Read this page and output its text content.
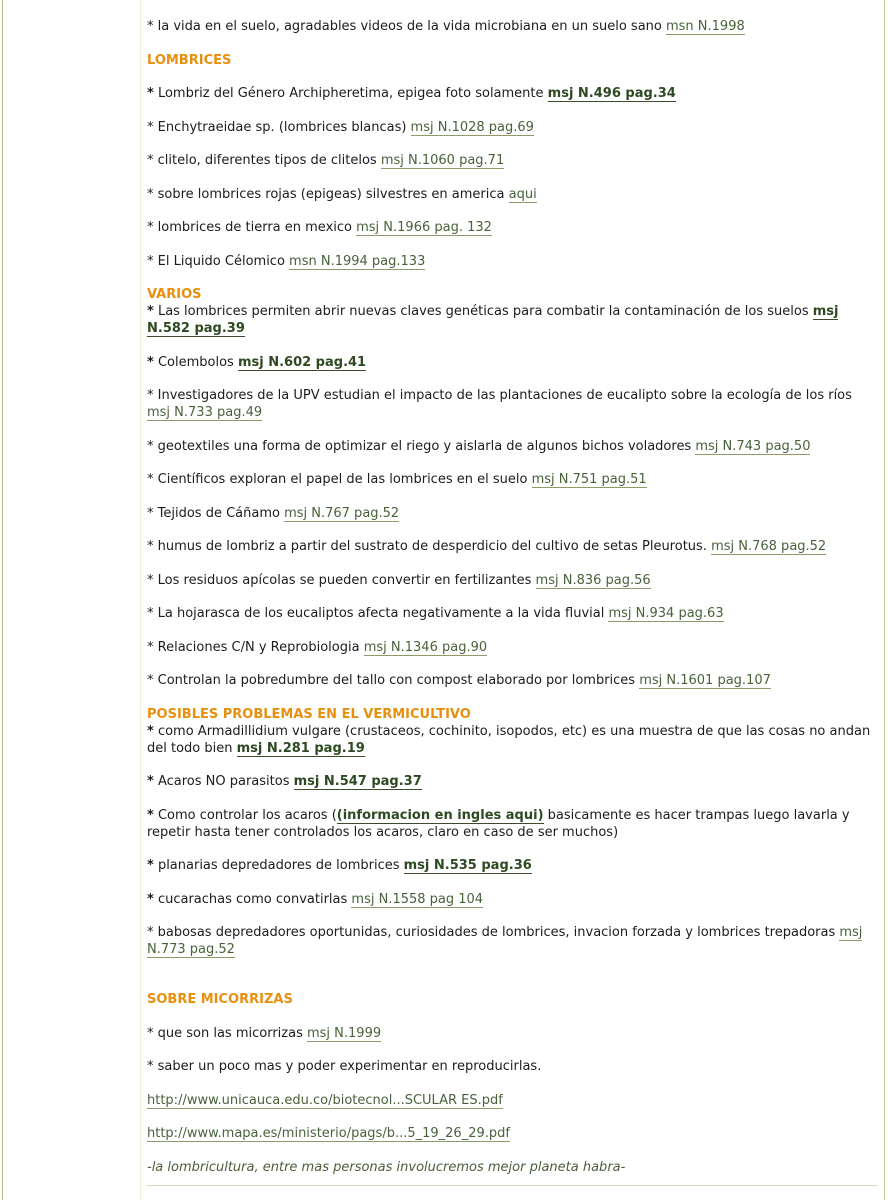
* la vida en el suelo, agradables videos de la vida microbiana en un suelo sano msn N.1998

LOMBRICES

* Lombriz del Género Archipheretima, epigea foto solamente msj N.496 pag.34

* Enchytraeidae sp. (lombrices blancas) msj N.1028 pag.69

* clitelo, diferentes tipos de clitelos msj N.1060 pag.71

* sobre lombrices rojas (epigeas) silvestres en america aqui

* lombrices de tierra en mexico msj N.1966 pag. 132

* El Liquido Célomico msn N.1994 pag.133

VARIOS

* Las lombrices permiten abrir nuevas claves genéticas para combatir la contaminación de los suelos msj N.582 pag.39

* Colembolos msj N.602 pag.41

* Investigadores de la UPV estudian el impacto de las plantaciones de eucalipto sobre la ecología de los ríos msj N.733 pag.49

* geotextiles una forma de optimizar el riego y aislarla de algunos bichos voladores msj N.743 pag.50

* Científicos exploran el papel de las lombrices en el suelo msj N.751 pag.51

* Tejidos de Cáñamo msj N.767 pag.52

* humus de lombriz a partir del sustrato de desperdicio del cultivo de setas Pleurotus. msj N.768 pag.52

* Los residuos apícolas se pueden convertir en fertilizantes msj N.836 pag.56

* La hojarasca de los eucaliptos afecta negativamente a la vida fluvial msj N.934 pag.63

* Relaciones C/N y Reprobiologia msj N.1346 pag.90

* Controlan la pobredumbre del tallo con compost elaborado por lombrices msj N.1601 pag.107

POSIBLES PROBLEMAS EN EL VERMICULTIVO

* como Armadillidium vulgare (crustaceos, cochinito, isopodos, etc) es una muestra de que las cosas no andan del todo bien msj N.281 pag.19

* Acaros NO parasitos msj N.547 pag.37

* Como controlar los acaros ((informacion en ingles aqui) basicamente es hacer trampas luego lavarla y repetir hasta tener controlados los acaros, claro en caso de ser muchos)

* planarias depredadores de lombrices msj N.535 pag.36

* cucarachas como convatirlas msj N.1558 pag 104

* babosas depredadores oportunidas, curiosidades de lombrices, invacion forzada y lombrices trepadoras msj N.773 pag.52

SOBRE MICORRIZAS

* que son las micorrizas msj N.1999

* saber un poco mas y poder experimentar en reproducirlas.

http://www.unicauca.edu.co/biotecnol...SCULAR ES.pdf

http://www.mapa.es/ministerio/pags/b...5_19_26_29.pdf

-la lombricultura, entre mas personas involucremos mejor planeta habra-
